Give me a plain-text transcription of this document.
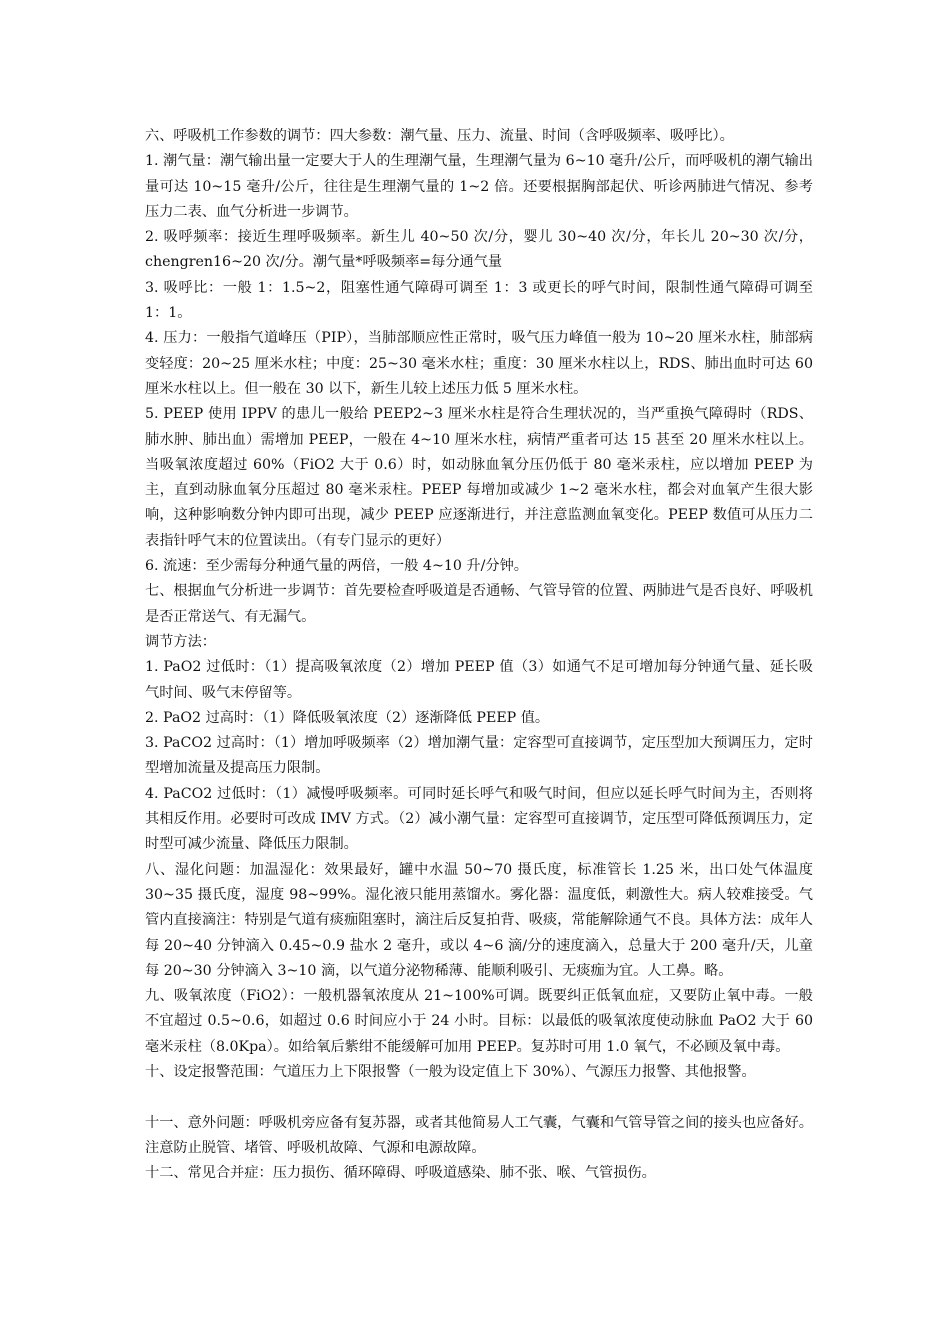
六、呼吸机工作参数的调节：四大参数：潮气量、压力、流量、时间（含呼吸频率、吸呼比）。

1. 潮气量：潮气输出量一定要大于人的生理潮气量，生理潮气量为 6~10 毫升/公斤，而呼吸机的潮气输出量可达 10~15 毫升/公斤，往往是生理潮气量的 1~2 倍。还要根据胸部起伏、听诊两肺进气情况、参考压力二表、血气分析进一步调节。

2. 吸呼频率：接近生理呼吸频率。新生儿 40~50 次/分，婴儿 30~40 次/分，年长儿 20~30 次/分，chengren16~20 次/分。潮气量*呼吸频率=每分通气量

3. 吸呼比：一般 1：1.5~2，阻塞性通气障碍可调至 1：3 或更长的呼气时间，限制性通气障碍可调至 1：1。

4. 压力：一般指气道峰压（PIP），当肺部顺应性正常时，吸气压力峰值一般为 10~20 厘米水柱，肺部病变轻度：20~25 厘米水柱；中度：25~30 毫米水柱；重度：30 厘米水柱以上，RDS、肺出血时可达 60 厘米水柱以上。但一般在 30 以下，新生儿较上述压力低 5 厘米水柱。

5. PEEP 使用 IPPV 的患儿一般给 PEEP2~3 厘米水柱是符合生理状况的，当严重换气障碍时（RDS、肺水肿、肺出血）需增加 PEEP，一般在 4~10 厘米水柱，病情严重者可达 15 甚至 20 厘米水柱以上。当吸氧浓度超过 60%（FiO2 大于 0.6）时，如动脉血氧分压仍低于 80 毫米汞柱，应以增加 PEEP 为主，直到动脉血氧分压超过 80 毫米汞柱。PEEP 每增加或减少 1~2 毫米水柱，都会对血氧产生很大影响，这种影响数分钟内即可出现，减少 PEEP 应逐渐进行，并注意监测血氧变化。PEEP 数值可从压力二表指针呼气末的位置读出。（有专门显示的更好）

6. 流速：至少需每分种通气量的两倍，一般 4~10 升/分钟。

七、根据血气分析进一步调节：首先要检查呼吸道是否通畅、气管导管的位置、两肺进气是否良好、呼吸机是否正常送气、有无漏气。

调节方法：

1. PaO2 过低时：（1）提高吸氧浓度（2）增加 PEEP 值（3）如通气不足可增加每分钟通气量、延长吸气时间、吸气末停留等。

2. PaO2 过高时：（1）降低吸氧浓度（2）逐渐降低 PEEP 值。

3. PaCO2 过高时：（1）增加呼吸频率（2）增加潮气量：定容型可直接调节，定压型加大预调压力，定时型增加流量及提高压力限制。

4. PaCO2 过低时：（1）减慢呼吸频率。可同时延长呼气和吸气时间，但应以延长呼气时间为主，否则将其相反作用。必要时可改成 IMV 方式。（2）减小潮气量：定容型可直接调节，定压型可降低预调压力，定时型可减少流量、降低压力限制。

八、湿化问题：加温湿化：效果最好，罐中水温 50~70 摄氏度，标准管长 1.25 米，出口处气体温度 30~35 摄氏度，湿度 98~99%。湿化液只能用蒸馏水。雾化器：温度低，刺激性大。病人较难接受。气管内直接滴注：特别是气道有痰痂阻塞时，滴注后反复拍背、吸痰，常能解除通气不良。具体方法：成年人每 20~40 分钟滴入 0.45~0.9 盐水 2 毫升，或以 4~6 滴/分的速度滴入，总量大于 200 毫升/天，儿童每 20~30 分钟滴入 3~10 滴，以气道分泌物稀薄、能顺利吸引、无痰痂为宜。人工鼻。略。

九、吸氧浓度（FiO2）：一般机器氧浓度从 21~100%可调。既要纠正低氧血症，又要防止氧中毒。一般不宜超过 0.5~0.6，如超过 0.6 时间应小于 24 小时。目标：以最低的吸氧浓度使动脉血 PaO2 大于 60 毫米汞柱（8.0Kpa）。如给氧后紫绀不能缓解可加用 PEEP。复苏时可用 1.0 氧气，不必顾及氧中毒。

十、设定报警范围：气道压力上下限报警（一般为设定值上下 30%）、气源压力报警、其他报警。

十一、意外问题：呼吸机旁应备有复苏器，或者其他简易人工气囊，气囊和气管导管之间的接头也应备好。注意防止脱管、堵管、呼吸机故障、气源和电源故障。

十二、常见合并症：压力损伤、循环障碍、呼吸道感染、肺不张、喉、气管损伤。
